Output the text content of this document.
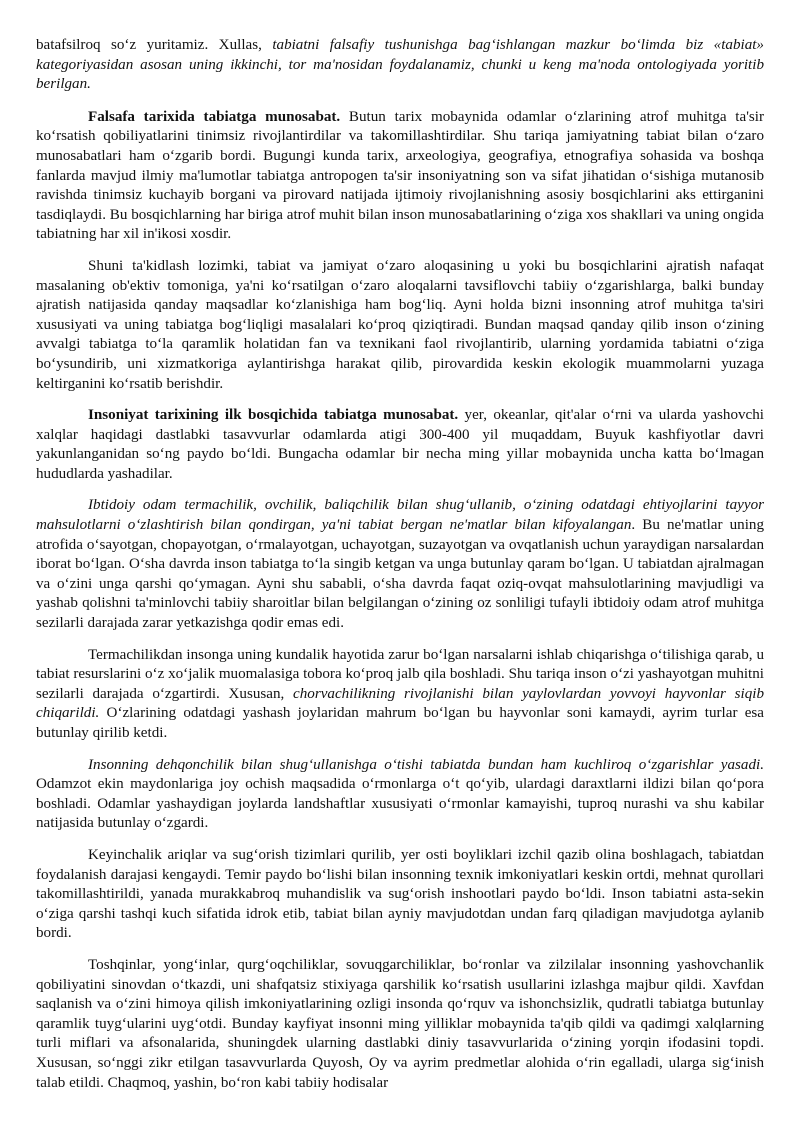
batafsilroq so‘z yuritamiz. Xullas, tabiatni falsafiy tushunishga bag‘ishlangan mazkur bo‘limda biz «tabiat» kategoriyasidan asosan uning ikkinchi, tor ma'nosidan foydalanamiz, chunki u keng ma'noda ontologiyada yoritib berilgan.

Falsafa tarixida tabiatga munosabat. Butun tarix mobaynida odamlar o‘zlarining atrof muhitga ta'sir ko‘rsatish qobiliyatlarini tinimsiz rivojlantirdilar va takomillashtirdilar. Shu tariqa jamiyatning tabiat bilan o‘zaro munosabatlari ham o‘zgarib bordi. Bugungi kunda tarix, arxeologiya, geografiya, etnografiya sohasida va boshqa fanlarda mavjud ilmiy ma'lumotlar tabiatga antropogen ta'sir insoniyatning son va sifat jihatidan o‘sishiga mutanosib ravishda tinimsiz kuchayib borgani va pirovard natijada ijtimoiy rivojlanishning asosiy bosqichlarini aks ettirganini tasdiqlaydi. Bu bosqichlarning har biriga atrof muhit bilan inson munosabatlarining o‘ziga xos shakllari va uning ongida tabiatning har xil in'ikosi xosdir.

Shuni ta'kidlash lozimki, tabiat va jamiyat o‘zaro aloqasining u yoki bu bosqichlarini ajratish nafaqat masalaning ob'ektiv tomoniga, ya'ni ko‘rsatilgan o‘zaro aloqalarni tavsiflovchi tabiiy o‘zgarishlarga, balki bunday ajratish natijasida qanday maqsadlar ko‘zlanishiga ham bog‘liq. Ayni holda bizni insonning atrof muhitga ta'siri xususiyati va uning tabiatga bog‘liqligi masalalari ko‘proq qiziqtiradi. Bundan maqsad qanday qilib inson o‘zining avvalgi tabiatga to‘la qaramlik holatidan fan va texnikani faol rivojlantirib, ularning yordamida tabiatni o‘ziga bo‘ysundirib, uni xizmatkoriga aylantirishga harakat qilib, pirovardida keskin ekologik muammolarni yuzaga keltirganini ko‘rsatib berishdir.

Insoniyat tarixining ilk bosqichida tabiatga munosabat. yer, okeanlar, qit'alar o‘rni va ularda yashovchi xalqlar haqidagi dastlabki tasavvurlar odamlarda atigi 300-400 yil muqaddam, Buyuk kashfiyotlar davri yakunlanganidan so‘ng paydo bo‘ldi. Bungacha odamlar bir necha ming yillar mobaynida uncha katta bo‘lmagan hududlarda yashadilar.

Ibtidoiy odam termachilik, ovchilik, baliqchilik bilan shug‘ullanib, o‘zining odatdagi ehtiyojlarini tayyor mahsulotlarni o‘zlashtirish bilan qondirgan, ya'ni tabiat bergan ne'matlar bilan kifoyalangan. Bu ne'matlar uning atrofida o‘sayotgan, chopayotgan, o‘rmalayotgan, uchayotgan, suzayotgan va ovqatlanish uchun yaraydigan narsalardan iborat bo‘lgan. O‘sha davrda inson tabiatga to‘la singib ketgan va unga butunlay qaram bo‘lgan. U tabiatdan ajralmagan va o‘zini unga qarshi qo‘ymagan. Ayni shu sababli, o‘sha davrda faqat oziq-ovqat mahsulotlarining mavjudligi va yashab qolishni ta'minlovchi tabiiy sharoitlar bilan belgilangan o‘zining oz sonliligi tufayli ibtidoiy odam atrof muhitga sezilarli darajada zarar yetkazishga qodir emas edi.

Termachilikdan insonga uning kundalik hayotida zarur bo‘lgan narsalarni ishlab chiqarishga o‘tilishiga qarab, u tabiat resurslarini o‘z xo‘jalik muomalasiga tobora ko‘proq jalb qila boshladi. Shu tariqa inson o‘zi yashayotgan muhitni sezilarli darajada o‘zgartirdi. Xususan, chorvachilikning rivojlanishi bilan yaylovlardan yovvoyi hayvonlar siqib chiqarildi. O‘zlarining odatdagi yashash joylaridan mahrum bo‘lgan bu hayvonlar soni kamaydi, ayrim turlar esa butunlay qirilib ketdi.

Insonning dehqonchilik bilan shug‘ullanishga o‘tishi tabiatda bundan ham kuchliroq o‘zgarishlar yasadi. Odamzot ekin maydonlariga joy ochish maqsadida o‘rmonlarga o‘t qo‘yib, ulardagi daraxtlarni ildizi bilan qo‘pora boshladi. Odamlar yashaydigan joylarda landshaftlar xususiyati o‘rmonlar kamayishi, tuproq nurashi va shu kabilar natijasida butunlay o‘zgardi.

Keyinchalik ariqlar va sug‘orish tizimlari qurilib, yer osti boyliklari izchil qazib olina boshlagach, tabiatdan foydalanish darajasi kengaydi. Temir paydo bo‘lishi bilan insonning texnik imkoniyatlari keskin ortdi, mehnat qurollari takomillashtirildi, yanada murakkabroq muhandislik va sug‘orish inshootlari paydo bo‘ldi. Inson tabiatni asta-sekin o‘ziga qarshi tashqi kuch sifatida idrok etib, tabiat bilan ayniy mavjudotdan undan farq qiladigan mavjudotga aylanib bordi.

Toshqinlar, yong‘inlar, qurg‘oqchiliklar, sovuqgarchiliklar, bo‘ronlar va zilzilalar insonning yashovchanlik qobiliyatini sinovdan o‘tkazdi, uni shafqatsiz stixiyaga qarshilik ko‘rsatish usullarini izlashga majbur qildi. Xavfdan saqlanish va o‘zini himoya qilish imkoniyatlarining ozligi insonda qo‘rquv va ishonchsizlik, qudratli tabiatga butunlay qaramlik tuyg‘ularini uyg‘otdi. Bunday kayfiyat insonni ming yilliklar mobaynida ta'qib qildi va qadimgi xalqlarning turli miflari va afsonalarida, shuningdek ularning dastlabki diniy tasavvurlarida o‘zining yorqin ifodasini topdi. Xususan, so‘nggi zikr etilgan tasavvurlarda Quyosh, Oy va ayrim predmetlar alohida o‘rin egalladi, ularga sig‘inish talab etildi. Chaqmoq, yashin, bo‘ron kabi tabiiy hodisalar
